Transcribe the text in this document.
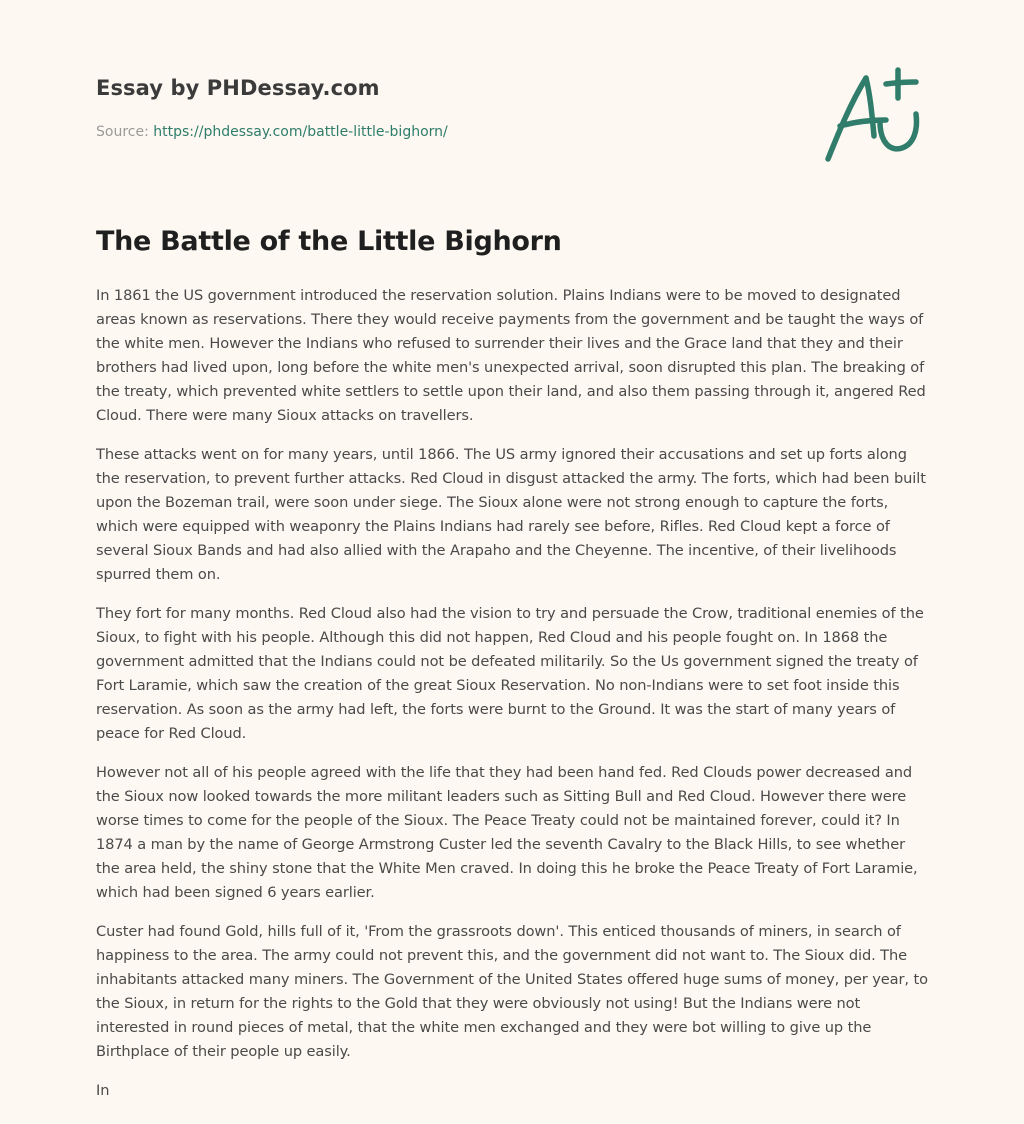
Essay by PHDessay.com
Source: https://phdessay.com/battle-little-bighorn/
The Battle of the Little Bighorn

In 1861 the US government introduced the reservation solution. Plains Indians were to be moved to designated areas known as reservations. There they would receive payments from the government and be taught the ways of the white men. However the Indians who refused to surrender their lives and the Grace land that they and their brothers had lived upon, long before the white men's unexpected arrival, soon disrupted this plan. The breaking of the treaty, which prevented white settlers to settle upon their land, and also them passing through it, angered Red Cloud. There were many Sioux attacks on travellers.

These attacks went on for many years, until 1866. The US army ignored their accusations and set up forts along the reservation, to prevent further attacks. Red Cloud in disgust attacked the army. The forts, which had been built upon the Bozeman trail, were soon under siege. The Sioux alone were not strong enough to capture the forts, which were equipped with weaponry the Plains Indians had rarely see before, Rifles. Red Cloud kept a force of several Sioux Bands and had also allied with the Arapaho and the Cheyenne. The incentive, of their livelihoods spurred them on.

They fort for many months. Red Cloud also had the vision to try and persuade the Crow, traditional enemies of the Sioux, to fight with his people. Although this did not happen, Red Cloud and his people fought on. In 1868 the government admitted that the Indians could not be defeated militarily. So the Us government signed the treaty of Fort Laramie, which saw the creation of the great Sioux Reservation. No non-Indians were to set foot inside this reservation. As soon as the army had left, the forts were burnt to the Ground. It was the start of many years of peace for Red Cloud.

However not all of his people agreed with the life that they had been hand fed. Red Clouds power decreased and the Sioux now looked towards the more militant leaders such as Sitting Bull and Red Cloud. However there were worse times to come for the people of the Sioux. The Peace Treaty could not be maintained forever, could it? In 1874 a man by the name of George Armstrong Custer led the seventh Cavalry to the Black Hills, to see whether the area held, the shiny stone that the White Men craved. In doing this he broke the Peace Treaty of Fort Laramie, which had been signed 6 years earlier.

Custer had found Gold, hills full of it, 'From the grassroots down'. This enticed thousands of miners, in search of happiness to the area. The army could not prevent this, and the government did not want to. The Sioux did. The inhabitants attacked many miners. The Government of the United States offered huge sums of money, per year, to the Sioux, in return for the rights to the Gold that they were obviously not using! But the Indians were not interested in round pieces of metal, that the white men exchanged and they were bot willing to give up the Birthplace of their people up easily.

In
